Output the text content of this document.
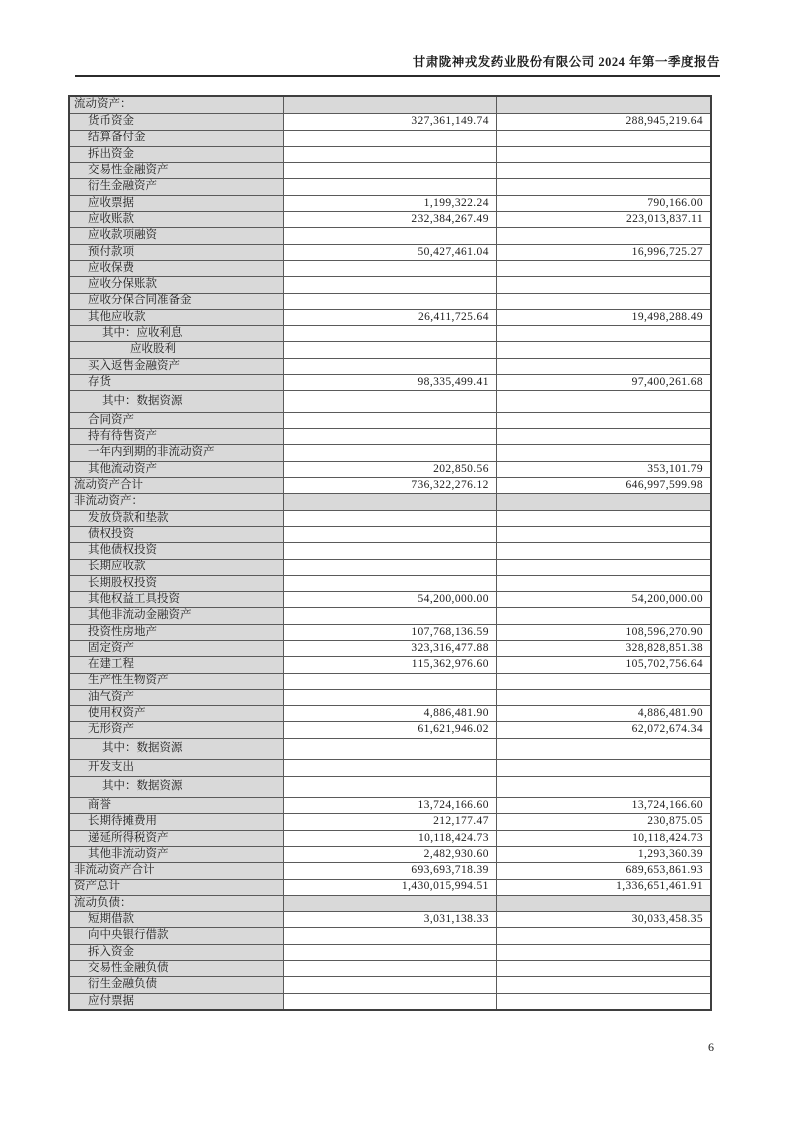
甘肃陇神戎发药业股份有限公司 2024 年第一季度报告
流动资产：
货币资金	327,361,149.74	288,945,219.64
结算备付金
拆出资金
交易性金融资产
衍生金融资产
应收票据	1,199,322.24	790,166.00
应收账款	232,384,267.49	223,013,837.11
应收款项融资
预付款项	50,427,461.04	16,996,725.27
应收保费
应收分保账款
应收分保合同准备金
其他应收款	26,411,725.64	19,498,288.49
其中：应收利息
应收股利
买入返售金融资产
存货	98,335,499.41	97,400,261.68
其中：数据资源
合同资产
持有待售资产
一年内到期的非流动资产
其他流动资产	202,850.56	353,101.79
流动资产合计	736,322,276.12	646,997,599.98
非流动资产：
发放贷款和垫款
债权投资
其他债权投资
长期应收款
长期股权投资
其他权益工具投资	54,200,000.00	54,200,000.00
其他非流动金融资产
投资性房地产	107,768,136.59	108,596,270.90
固定资产	323,316,477.88	328,828,851.38
在建工程	115,362,976.60	105,702,756.64
生产性生物资产
油气资产
使用权资产	4,886,481.90	4,886,481.90
无形资产	61,621,946.02	62,072,674.34
其中：数据资源
开发支出
其中：数据资源
商誉	13,724,166.60	13,724,166.60
长期待摊费用	212,177.47	230,875.05
递延所得税资产	10,118,424.73	10,118,424.73
其他非流动资产	2,482,930.60	1,293,360.39
非流动资产合计	693,693,718.39	689,653,861.93
资产总计	1,430,015,994.51	1,336,651,461.91
流动负债：
短期借款	3,031,138.33	30,033,458.35
向中央银行借款
拆入资金
交易性金融负债
衍生金融负债
应付票据
6
